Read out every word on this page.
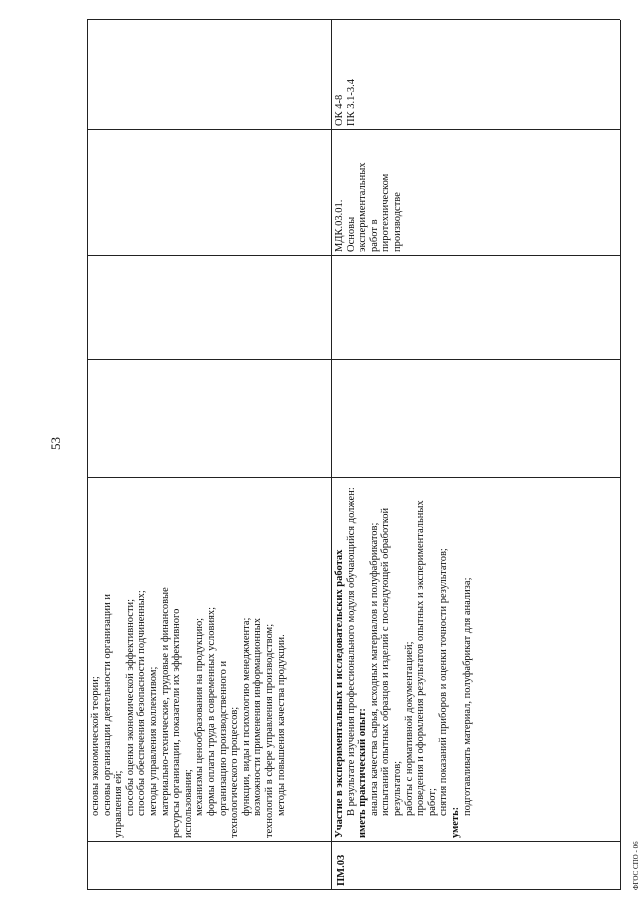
53

основы экономической теории; основы организации деятельности организации и управления ей; способы оценки экономической эффективности; способы обеспечения безопасности подчиненных; методы управления коллективом; материально-технические, трудовые и финансовые ресурсы организации, показатели их эффективного использования; механизмы ценообразования на продукцию; формы оплаты труда в современных условиях; организацию производственного и технологического процессов; функции, виды и психологию менеджмента; возможности применения информационных технологий в сфере управления производством; методы повышения качества продукции.

ПМ.03

Участие в экспериментальных и исследовательских работах В результате изучения профессионального модуля обучающийся должен: иметь практический опыт: анализа качества сырья, исходных материалов и полуфабрикатов; испытаний опытных образцов и изделий с последующей обработкой результатов; работы с нормативной документацией; проведения и оформления результатов опытных и экспериментальных работ; снятия показаний приборов и оценки точности результатов;

уметь:

подготавливать материал, полуфабрикат для анализа;

МДК.03.01. Основы экспериментальных работ в пиротехническом производстве

ОК 4-8 ПК 3.1-3.4

ФГОС СПО - 06
